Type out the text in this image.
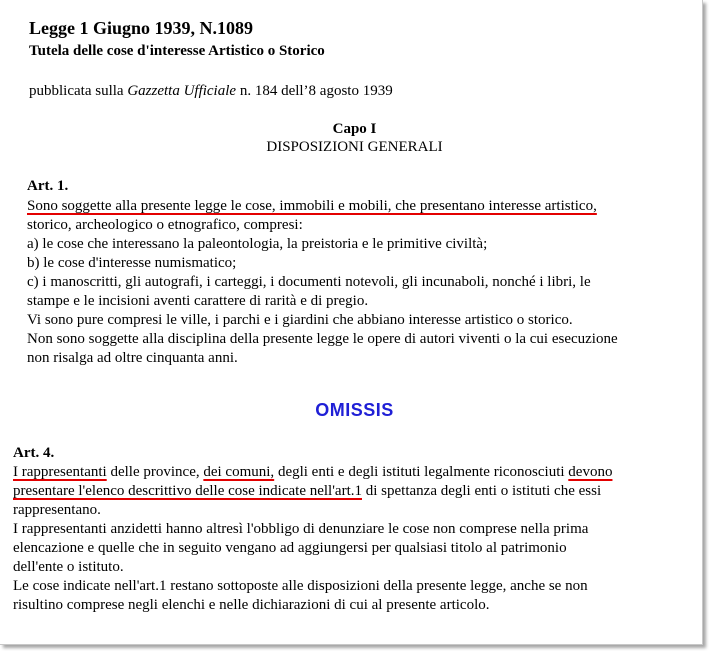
Legge 1 Giugno 1939, N.1089
Tutela delle cose d'interesse Artistico o Storico
pubblicata sulla Gazzetta Ufficiale n. 184 dell’8 agosto 1939
Capo I
DISPOSIZIONI GENERALI
Art. 1.
Sono soggette alla presente legge le cose, immobili e mobili, che presentano interesse artistico,
storico, archeologico o etnografico, compresi:
a) le cose che interessano la paleontologia, la preistoria e le primitive civiltà;
b) le cose d'interesse numismatico;
c) i manoscritti, gli autografi, i carteggi, i documenti notevoli, gli incunaboli, nonché i libri, le
stampe e le incisioni aventi carattere di rarità e di pregio.
Vi sono pure compresi le ville, i parchi e i giardini che abbiano interesse artistico o storico.
Non sono soggette alla disciplina della presente legge le opere di autori viventi o la cui esecuzione
non risalga ad oltre cinquanta anni.
OMISSIS
Art. 4.
I rappresentanti delle province, dei comuni, degli enti e degli istituti legalmente riconosciuti devono
presentare l'elenco descrittivo delle cose indicate nell'art.1 di spettanza degli enti o istituti che essi
rappresentano.
I rappresentanti anzidetti hanno altresì l'obbligo di denunziare le cose non comprese nella prima
elencazione e quelle che in seguito vengano ad aggiungersi per qualsiasi titolo al patrimonio
dell'ente o istituto.
Le cose indicate nell'art.1 restano sottoposte alle disposizioni della presente legge, anche se non
risultino comprese negli elenchi e nelle dichiarazioni di cui al presente articolo.
